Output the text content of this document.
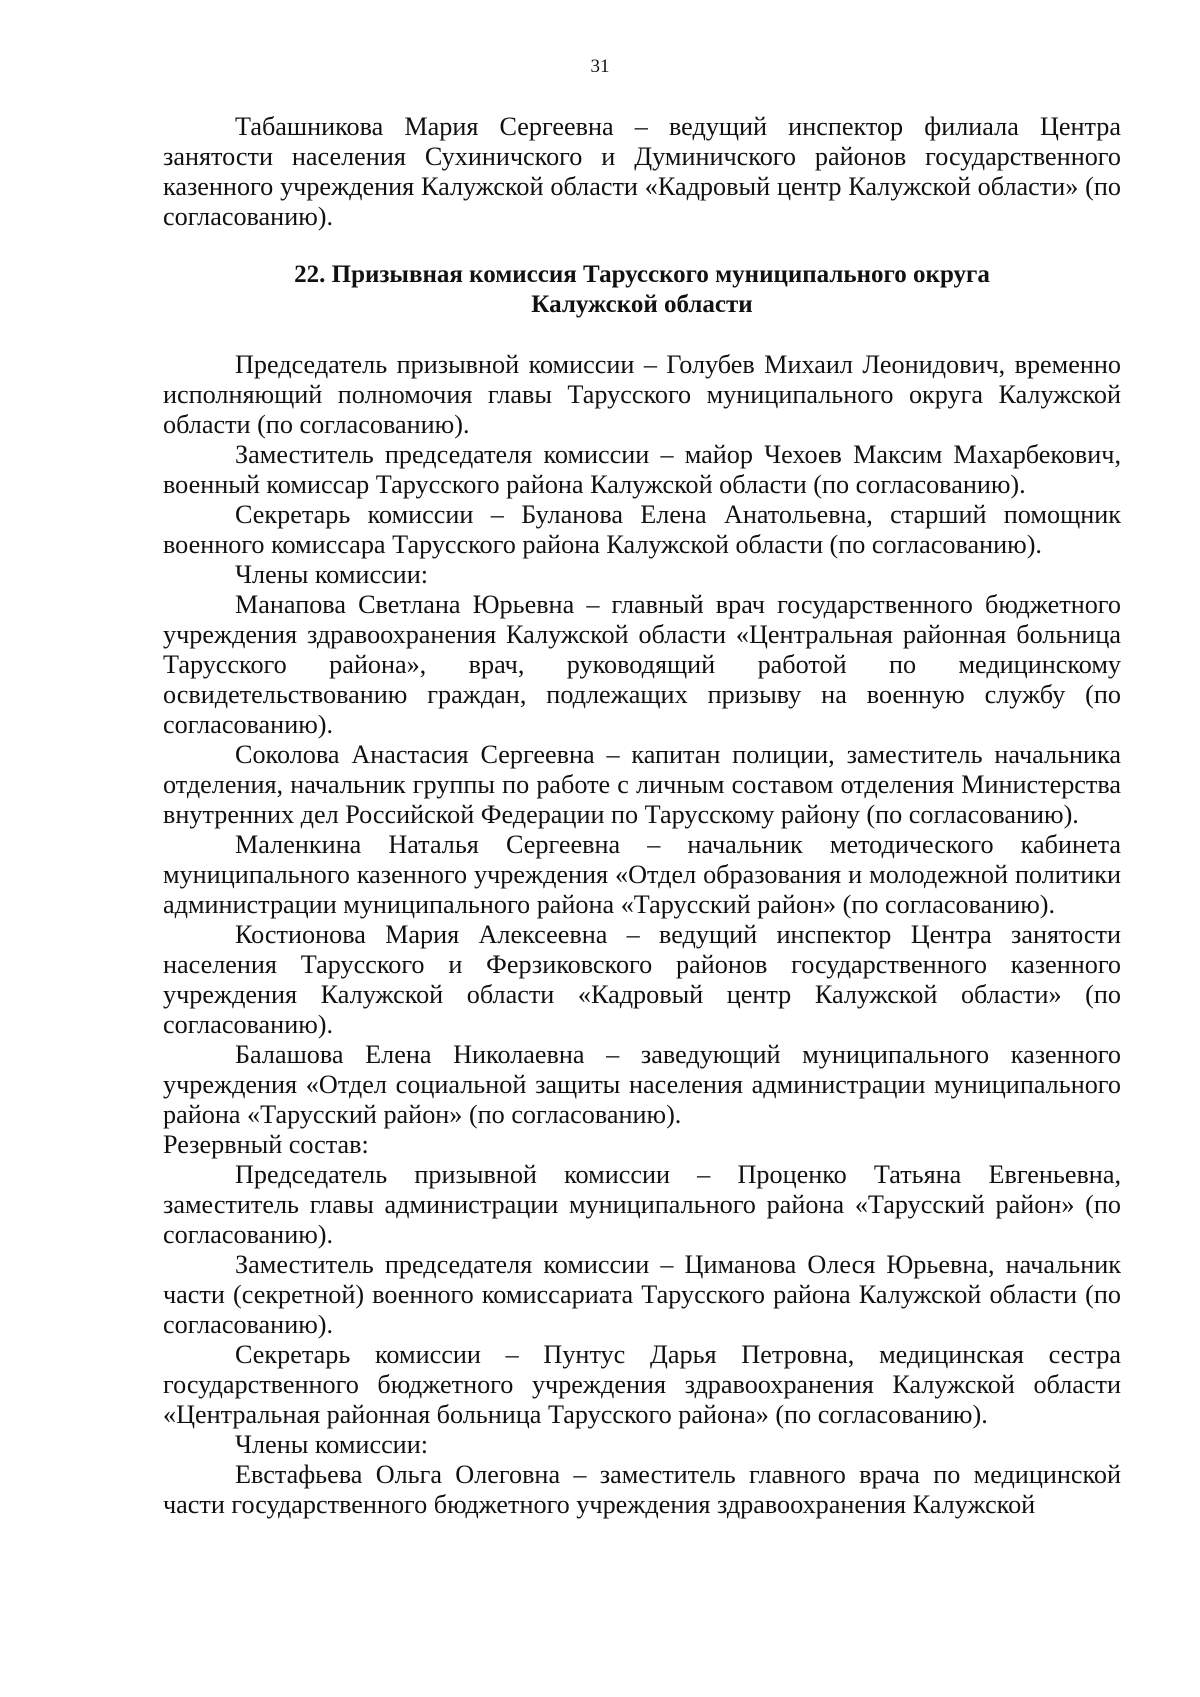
31

Табашникова Мария Сергеевна – ведущий инспектор филиала Центра занятости населения Сухиничского и Думиничского районов государственного казенного учреждения Калужской области «Кадровый центр Калужской области» (по согласованию).

22. Призывная комиссия Тарусского муниципального округа
Калужской области

Председатель призывной комиссии – Голубев Михаил Леонидович, временно исполняющий полномочия главы Тарусского муниципального округа Калужской области (по согласованию).

Заместитель председателя комиссии – майор Чехоев Максим Махарбекович, военный комиссар Тарусского района Калужской области (по согласованию).

Секретарь комиссии – Буланова Елена Анатольевна, старший помощник военного комиссара Тарусского района Калужской области (по согласованию).

Члены комиссии:

Манапова Светлана Юрьевна – главный врач государственного бюджетного учреждения здравоохранения Калужской области «Центральная районная больница Тарусского района», врач, руководящий работой по медицинскому освидетельствованию граждан, подлежащих призыву на военную службу (по согласованию).

Соколова Анастасия Сергеевна – капитан полиции, заместитель начальника отделения, начальник группы по работе с личным составом отделения Министерства внутренних дел Российской Федерации по Тарусскому району (по согласованию).

Маленкина Наталья Сергеевна – начальник методического кабинета муниципального казенного учреждения «Отдел образования и молодежной политики администрации муниципального района «Тарусский район» (по согласованию).

Костионова Мария Алексеевна – ведущий инспектор Центра занятости населения Тарусского и Ферзиковского районов государственного казенного учреждения Калужской области «Кадровый центр Калужской области» (по согласованию).

Балашова Елена Николаевна – заведующий муниципального казенного учреждения «Отдел социальной защиты населения администрации муниципального района «Тарусский район» (по согласованию).

Резервный состав:

Председатель призывной комиссии – Проценко Татьяна Евгеньевна, заместитель главы администрации муниципального района «Тарусский район» (по согласованию).

Заместитель председателя комиссии – Циманова Олеся Юрьевна, начальник части (секретной) военного комиссариата Тарусского района Калужской области (по согласованию).

Секретарь комиссии – Пунтус Дарья Петровна, медицинская сестра государственного бюджетного учреждения здравоохранения Калужской области «Центральная районная больница Тарусского района» (по согласованию).

Члены комиссии:

Евстафьева Ольга Олеговна – заместитель главного врача по медицинской части государственного бюджетного учреждения здравоохранения Калужской
